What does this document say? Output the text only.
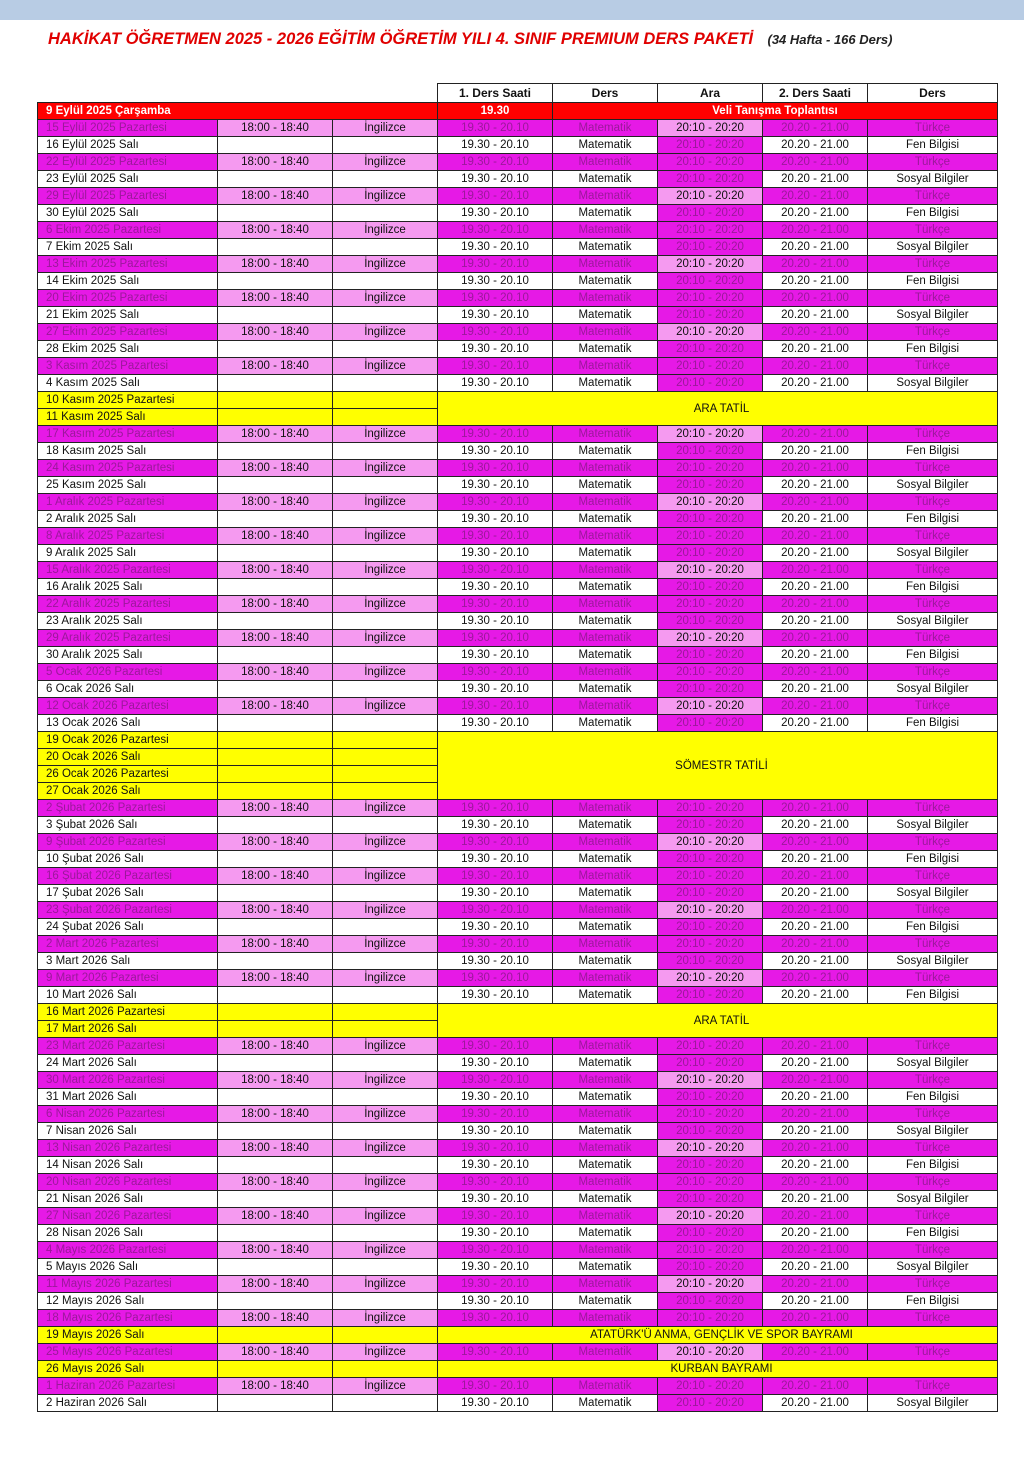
HAKİKAT ÖĞRETMEN 2025 - 2026 EĞİTİM ÖĞRETİM YILI 4. SINIF PREMIUM DERS PAKETİ (34 Hafta - 166 Ders)
			1. Ders Saati	Ders	Ara	2. Ders Saati	Ders
9 Eylül 2025 Çarşamba			19.30	Veli Tanışma Toplantısı			
15 Eylül 2025 Pazartesi	18:00 - 18:40	İngilizce	19.30 - 20.10	Matematik	20:10 - 20:20	20.20 - 21.00	Türkçe
16 Eylül 2025 Salı			19.30 - 20.10	Matematik	20:10 - 20:20	20.20 - 21.00	Fen Bilgisi
22 Eylül 2025 Pazartesi	18:00 - 18:40	İngilizce	19.30 - 20.10	Matematik	20:10 - 20:20	20.20 - 21.00	Türkçe
23 Eylül 2025 Salı			19.30 - 20.10	Matematik	20:10 - 20:20	20.20 - 21.00	Sosyal Bilgiler
29 Eylül 2025 Pazartesi	18:00 - 18:40	İngilizce	19.30 - 20.10	Matematik	20:10 - 20:20	20.20 - 21.00	Türkçe
30 Eylül 2025 Salı			19.30 - 20.10	Matematik	20:10 - 20:20	20.20 - 21.00	Fen Bilgisi
6 Ekim 2025 Pazartesi	18:00 - 18:40	İngilizce	19.30 - 20.10	Matematik	20:10 - 20:20	20.20 - 21.00	Türkçe
7 Ekim 2025 Salı			19.30 - 20.10	Matematik	20:10 - 20:20	20.20 - 21.00	Sosyal Bilgiler
13 Ekim 2025 Pazartesi	18:00 - 18:40	İngilizce	19.30 - 20.10	Matematik	20:10 - 20:20	20.20 - 21.00	Türkçe
14 Ekim 2025 Salı			19.30 - 20.10	Matematik	20:10 - 20:20	20.20 - 21.00	Fen Bilgisi
20 Ekim 2025 Pazartesi	18:00 - 18:40	İngilizce	19.30 - 20.10	Matematik	20:10 - 20:20	20.20 - 21.00	Türkçe
21 Ekim 2025 Salı			19.30 - 20.10	Matematik	20:10 - 20:20	20.20 - 21.00	Sosyal Bilgiler
27 Ekim 2025 Pazartesi	18:00 - 18:40	İngilizce	19.30 - 20.10	Matematik	20:10 - 20:20	20.20 - 21.00	Türkçe
28 Ekim 2025 Salı			19.30 - 20.10	Matematik	20:10 - 20:20	20.20 - 21.00	Fen Bilgisi
3 Kasım 2025 Pazartesi	18:00 - 18:40	İngilizce	19.30 - 20.10	Matematik	20:10 - 20:20	20.20 - 21.00	Türkçe
4 Kasım 2025 Salı			19.30 - 20.10	Matematik	20:10 - 20:20	20.20 - 21.00	Sosyal Bilgiler
10 Kasım 2025 Pazartesi			ARA TATİL				
11 Kasım 2025 Salı							
17 Kasım 2025 Pazartesi	18:00 - 18:40	İngilizce	19.30 - 20.10	Matematik	20:10 - 20:20	20.20 - 21.00	Türkçe
18 Kasım 2025 Salı			19.30 - 20.10	Matematik	20:10 - 20:20	20.20 - 21.00	Fen Bilgisi
24 Kasım 2025 Pazartesi	18:00 - 18:40	İngilizce	19.30 - 20.10	Matematik	20:10 - 20:20	20.20 - 21.00	Türkçe
25 Kasım 2025 Salı			19.30 - 20.10	Matematik	20:10 - 20:20	20.20 - 21.00	Sosyal Bilgiler
1 Aralık 2025 Pazartesi	18:00 - 18:40	İngilizce	19.30 - 20.10	Matematik	20:10 - 20:20	20.20 - 21.00	Türkçe
2 Aralık 2025 Salı			19.30 - 20.10	Matematik	20:10 - 20:20	20.20 - 21.00	Fen Bilgisi
8 Aralık 2025 Pazartesi	18:00 - 18:40	İngilizce	19.30 - 20.10	Matematik	20:10 - 20:20	20.20 - 21.00	Türkçe
9 Aralık 2025 Salı			19.30 - 20.10	Matematik	20:10 - 20:20	20.20 - 21.00	Sosyal Bilgiler
15 Aralık 2025 Pazartesi	18:00 - 18:40	İngilizce	19.30 - 20.10	Matematik	20:10 - 20:20	20.20 - 21.00	Türkçe
16 Aralık 2025 Salı			19.30 - 20.10	Matematik	20:10 - 20:20	20.20 - 21.00	Fen Bilgisi
22 Aralık 2025 Pazartesi	18:00 - 18:40	İngilizce	19.30 - 20.10	Matematik	20:10 - 20:20	20.20 - 21.00	Türkçe
23 Aralık 2025 Salı			19.30 - 20.10	Matematik	20:10 - 20:20	20.20 - 21.00	Sosyal Bilgiler
29 Aralık 2025 Pazartesi	18:00 - 18:40	İngilizce	19.30 - 20.10	Matematik	20:10 - 20:20	20.20 - 21.00	Türkçe
30 Aralık 2025 Salı			19.30 - 20.10	Matematik	20:10 - 20:20	20.20 - 21.00	Fen Bilgisi
5 Ocak 2026 Pazartesi	18:00 - 18:40	İngilizce	19.30 - 20.10	Matematik	20:10 - 20:20	20.20 - 21.00	Türkçe
6 Ocak 2026 Salı			19.30 - 20.10	Matematik	20:10 - 20:20	20.20 - 21.00	Sosyal Bilgiler
12 Ocak 2026 Pazartesi	18:00 - 18:40	İngilizce	19.30 - 20.10	Matematik	20:10 - 20:20	20.20 - 21.00	Türkçe
13 Ocak 2026 Salı			19.30 - 20.10	Matematik	20:10 - 20:20	20.20 - 21.00	Fen Bilgisi
19 Ocak 2026 Pazartesi			SÖMESTR TATİLİ				
20 Ocak 2026 Salı							
26 Ocak 2026 Pazartesi							
27 Ocak 2026 Salı							
2 Şubat 2026 Pazartesi	18:00 - 18:40	İngilizce	19.30 - 20.10	Matematik	20:10 - 20:20	20.20 - 21.00	Türkçe
3 Şubat 2026 Salı			19.30 - 20.10	Matematik	20:10 - 20:20	20.20 - 21.00	Sosyal Bilgiler
9 Şubat 2026 Pazartesi	18:00 - 18:40	İngilizce	19.30 - 20.10	Matematik	20:10 - 20:20	20.20 - 21.00	Türkçe
10 Şubat 2026 Salı			19.30 - 20.10	Matematik	20:10 - 20:20	20.20 - 21.00	Fen Bilgisi
16 Şubat 2026 Pazartesi	18:00 - 18:40	İngilizce	19.30 - 20.10	Matematik	20:10 - 20:20	20.20 - 21.00	Türkçe
17 Şubat 2026 Salı			19.30 - 20.10	Matematik	20:10 - 20:20	20.20 - 21.00	Sosyal Bilgiler
23 Şubat 2026 Pazartesi	18:00 - 18:40	İngilizce	19.30 - 20.10	Matematik	20:10 - 20:20	20.20 - 21.00	Türkçe
24 Şubat 2026 Salı			19.30 - 20.10	Matematik	20:10 - 20:20	20.20 - 21.00	Fen Bilgisi
2 Mart 2026 Pazartesi	18:00 - 18:40	İngilizce	19.30 - 20.10	Matematik	20:10 - 20:20	20.20 - 21.00	Türkçe
3 Mart 2026 Salı			19.30 - 20.10	Matematik	20:10 - 20:20	20.20 - 21.00	Sosyal Bilgiler
9 Mart 2026 Pazartesi	18:00 - 18:40	İngilizce	19.30 - 20.10	Matematik	20:10 - 20:20	20.20 - 21.00	Türkçe
10 Mart 2026 Salı			19.30 - 20.10	Matematik	20:10 - 20:20	20.20 - 21.00	Fen Bilgisi
16 Mart 2026 Pazartesi			ARA TATİL				
17 Mart 2026 Salı							
23 Mart 2026 Pazartesi	18:00 - 18:40	İngilizce	19.30 - 20.10	Matematik	20:10 - 20:20	20.20 - 21.00	Türkçe
24 Mart 2026 Salı			19.30 - 20.10	Matematik	20:10 - 20:20	20.20 - 21.00	Sosyal Bilgiler
30 Mart 2026 Pazartesi	18:00 - 18:40	İngilizce	19.30 - 20.10	Matematik	20:10 - 20:20	20.20 - 21.00	Türkçe
31 Mart 2026 Salı			19.30 - 20.10	Matematik	20:10 - 20:20	20.20 - 21.00	Fen Bilgisi
6 Nisan 2026 Pazartesi	18:00 - 18:40	İngilizce	19.30 - 20.10	Matematik	20:10 - 20:20	20.20 - 21.00	Türkçe
7 Nisan 2026 Salı			19.30 - 20.10	Matematik	20:10 - 20:20	20.20 - 21.00	Sosyal Bilgiler
13 Nisan 2026 Pazartesi	18:00 - 18:40	İngilizce	19.30 - 20.10	Matematik	20:10 - 20:20	20.20 - 21.00	Türkçe
14 Nisan 2026 Salı			19.30 - 20.10	Matematik	20:10 - 20:20	20.20 - 21.00	Fen Bilgisi
20 Nisan 2026 Pazartesi	18:00 - 18:40	İngilizce	19.30 - 20.10	Matematik	20:10 - 20:20	20.20 - 21.00	Türkçe
21 Nisan 2026 Salı			19.30 - 20.10	Matematik	20:10 - 20:20	20.20 - 21.00	Sosyal Bilgiler
27 Nisan 2026 Pazartesi	18:00 - 18:40	İngilizce	19.30 - 20.10	Matematik	20:10 - 20:20	20.20 - 21.00	Türkçe
28 Nisan 2026 Salı			19.30 - 20.10	Matematik	20:10 - 20:20	20.20 - 21.00	Fen Bilgisi
4 Mayıs 2026 Pazartesi	18:00 - 18:40	İngilizce	19.30 - 20.10	Matematik	20:10 - 20:20	20.20 - 21.00	Türkçe
5 Mayıs 2026 Salı			19.30 - 20.10	Matematik	20:10 - 20:20	20.20 - 21.00	Sosyal Bilgiler
11 Mayıs 2026 Pazartesi	18:00 - 18:40	İngilizce	19.30 - 20.10	Matematik	20:10 - 20:20	20.20 - 21.00	Türkçe
12 Mayıs 2026 Salı			19.30 - 20.10	Matematik	20:10 - 20:20	20.20 - 21.00	Fen Bilgisi
18 Mayıs 2026 Pazartesi	18:00 - 18:40	İngilizce	19.30 - 20.10	Matematik	20:10 - 20:20	20.20 - 21.00	Türkçe
19 Mayıs 2026 Salı			ATATÜRK'Ü ANMA, GENÇLİK VE SPOR BAYRAMI				
25 Mayıs 2026 Pazartesi	18:00 - 18:40	İngilizce	19.30 - 20.10	Matematik	20:10 - 20:20	20.20 - 21.00	Türkçe
26 Mayıs 2026 Salı			KURBAN BAYRAMI				
1 Haziran 2026 Pazartesi	18:00 - 18:40	İngilizce	19.30 - 20.10	Matematik	20:10 - 20:20	20.20 - 21.00	Türkçe
2 Haziran 2026 Salı			19.30 - 20.10	Matematik	20:10 - 20:20	20.20 - 21.00	Sosyal Bilgiler
